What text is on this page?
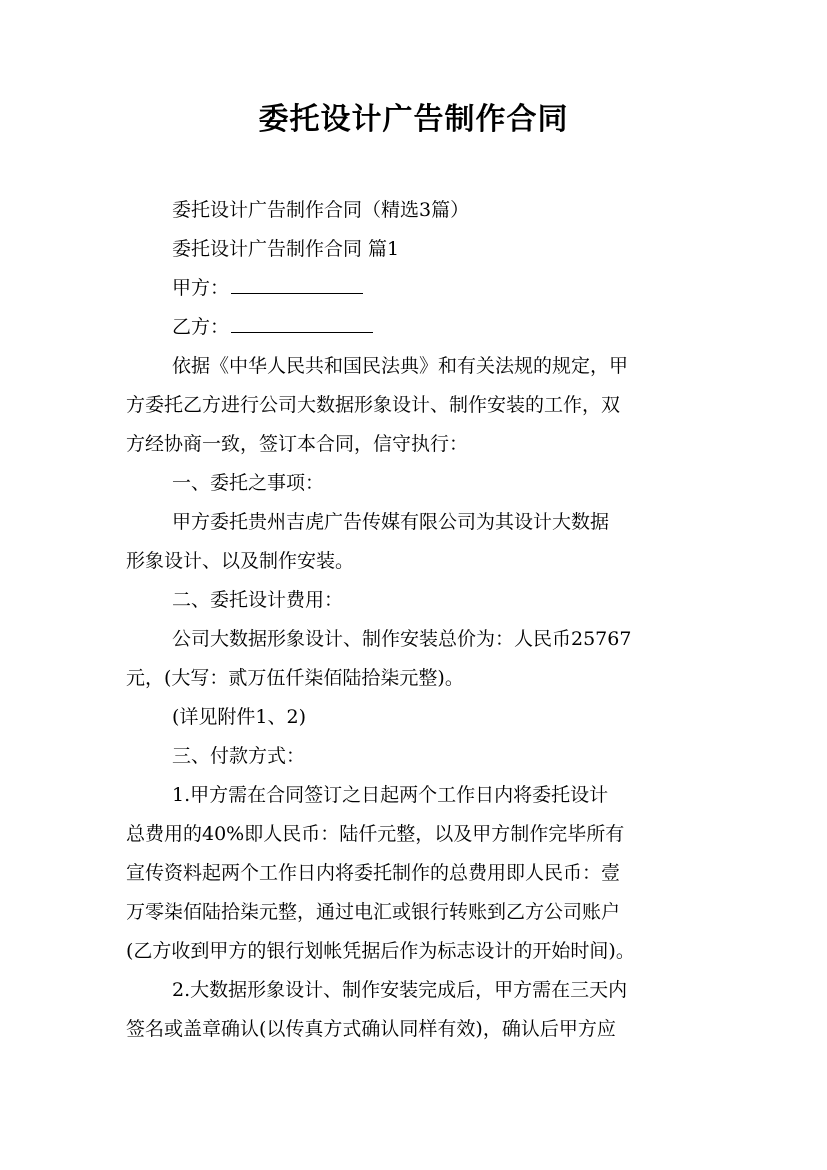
委托设计广告制作合同

委托设计广告制作合同（精选3篇）

委托设计广告制作合同 篇1

甲方：

乙方：

依据《中华人民共和国民法典》和有关法规的规定，甲

方委托乙方进行公司大数据形象设计、制作安装的工作，双

方经协商一致，签订本合同，信守执行：

一、委托之事项：

甲方委托贵州吉虎广告传媒有限公司为其设计大数据

形象设计、以及制作安装。

二、委托设计费用：

公司大数据形象设计、制作安装总价为：人民币25767

元，(大写：贰万伍仟柒佰陆拾柒元整)。

(详见附件1、2)

三、付款方式：

1.甲方需在合同签订之日起两个工作日内将委托设计

总费用的40%即人民币：陆仟元整，以及甲方制作完毕所有

宣传资料起两个工作日内将委托制作的总费用即人民币：壹

万零柒佰陆拾柒元整，通过电汇或银行转账到乙方公司账户

(乙方收到甲方的银行划帐凭据后作为标志设计的开始时间)。

2.大数据形象设计、制作安装完成后，甲方需在三天内

签名或盖章确认(以传真方式确认同样有效)，确认后甲方应
